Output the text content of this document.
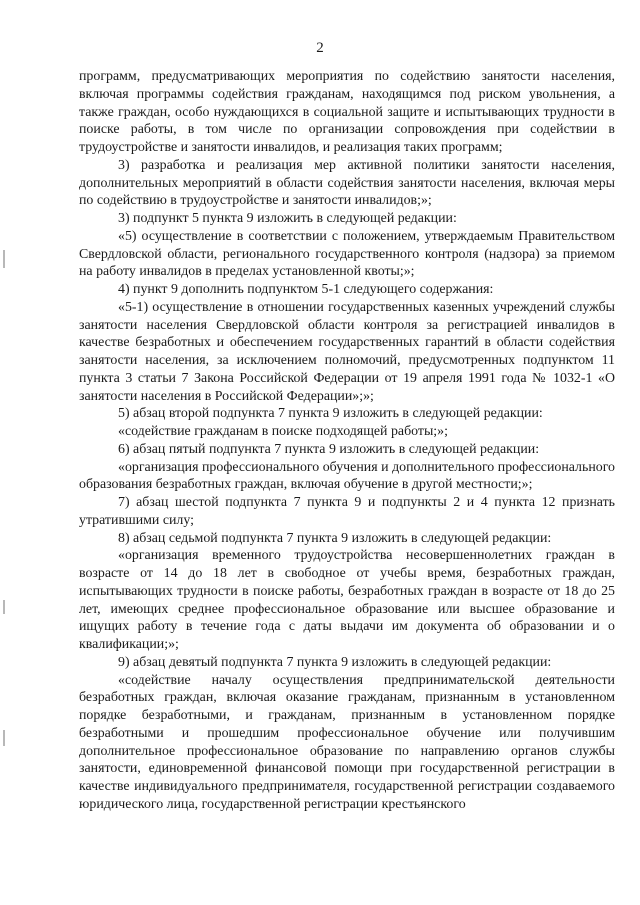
2

программ, предусматривающих мероприятия по содействию занятости населения, включая программы содействия гражданам, находящимся под риском увольнения, а также граждан, особо нуждающихся в социальной защите и испытывающих трудности в поиске работы, в том числе по организации сопровождения при содействии в трудоустройстве и занятости инвалидов, и реализация таких программ;

3) разработка и реализация мер активной политики занятости населения, дополнительных мероприятий в области содействия занятости населения, включая меры по содействию в трудоустройстве и занятости инвалидов;»;

3) подпункт 5 пункта 9 изложить в следующей редакции:

«5) осуществление в соответствии с положением, утверждаемым Правительством Свердловской области, регионального государственного контроля (надзора) за приемом на работу инвалидов в пределах установленной квоты;»;

4) пункт 9 дополнить подпунктом 5-1 следующего содержания:

«5-1) осуществление в отношении государственных казенных учреждений службы занятости населения Свердловской области контроля за регистрацией инвалидов в качестве безработных и обеспечением государственных гарантий в области содействия занятости населения, за исключением полномочий, предусмотренных подпунктом 11 пункта 3 статьи 7 Закона Российской Федерации от 19 апреля 1991 года № 1032-1 «О занятости населения в Российской Федерации»;»;

5) абзац второй подпункта 7 пункта 9 изложить в следующей редакции:

«содействие гражданам в поиске подходящей работы;»;

6) абзац пятый подпункта 7 пункта 9 изложить в следующей редакции:

«организация профессионального обучения и дополнительного профессионального образования безработных граждан, включая обучение в другой местности;»;

7) абзац шестой подпункта 7 пункта 9 и подпункты 2 и 4 пункта 12 признать утратившими силу;

8) абзац седьмой подпункта 7 пункта 9 изложить в следующей редакции:

«организация временного трудоустройства несовершеннолетних граждан в возрасте от 14 до 18 лет в свободное от учебы время, безработных граждан, испытывающих трудности в поиске работы, безработных граждан в возрасте от 18 до 25 лет, имеющих среднее профессиональное образование или высшее образование и ищущих работу в течение года с даты выдачи им документа об образовании и о квалификации;»;

9) абзац девятый подпункта 7 пункта 9 изложить в следующей редакции:

«содействие началу осуществления предпринимательской деятельности безработных граждан, включая оказание гражданам, признанным в установленном порядке безработными, и гражданам, признанным в установленном порядке безработными и прошедшим профессиональное обучение или получившим дополнительное профессиональное образование по направлению органов службы занятости, единовременной финансовой помощи при государственной регистрации в качестве индивидуального предпринимателя, государственной регистрации создаваемого юридического лица, государственной регистрации крестьянского
